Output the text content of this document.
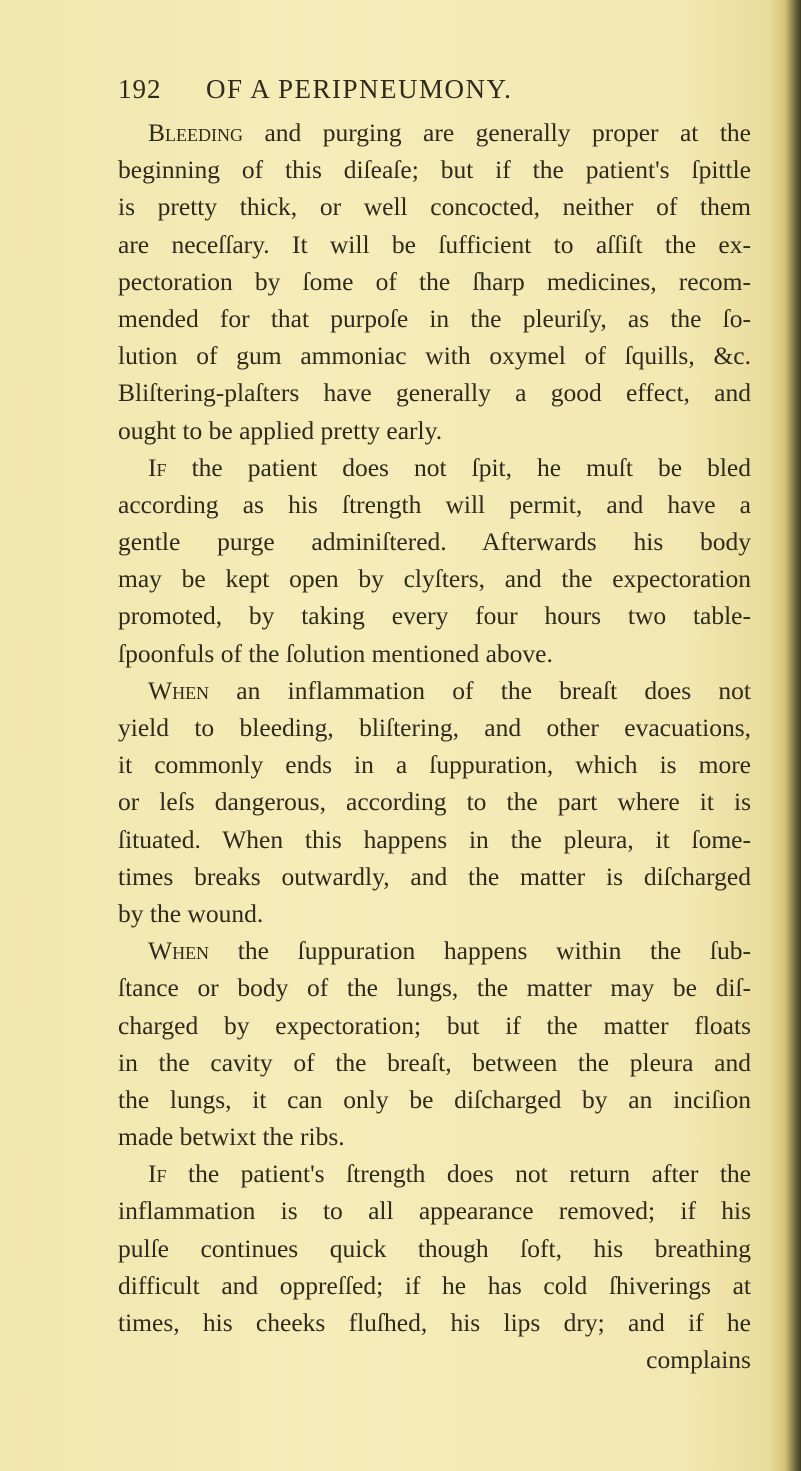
192 OF A PERIPNEUMONY.
Bleeding and purging are generally proper at the
beginning of this diſeaſe; but if the patient's ſpittle
is pretty thick, or well concocted, neither of them
are neceſſary. It will be ſufficient to aſſiſt the ex-
pectoration by ſome of the ſharp medicines, recom-
mended for that purpoſe in the pleuriſy, as the ſo-
lution of gum ammoniac with oxymel of ſquills, &c.
Bliſtering-plaſters have generally a good effect, and
ought to be applied pretty early.
If the patient does not ſpit, he muſt be bled
according as his ſtrength will permit, and have a
gentle purge adminiſtered. Afterwards his body
may be kept open by clyſters, and the expectoration
promoted, by taking every four hours two table-
ſpoonfuls of the ſolution mentioned above.
When an inflammation of the breaſt does not
yield to bleeding, bliſtering, and other evacuations,
it commonly ends in a ſuppuration, which is more
or leſs dangerous, according to the part where it is
ſituated. When this happens in the pleura, it ſome-
times breaks outwardly, and the matter is diſcharged
by the wound.
When the ſuppuration happens within the ſub-
ſtance or body of the lungs, the matter may be diſ-
charged by expectoration; but if the matter floats
in the cavity of the breaſt, between the pleura and
the lungs, it can only be diſcharged by an inciſion
made betwixt the ribs.
If the patient's ſtrength does not return after the
inflammation is to all appearance removed; if his
pulſe continues quick though ſoft, his breathing
difficult and oppreſſed; if he has cold ſhiverings at
times, his cheeks fluſhed, his lips dry; and if he
complains
